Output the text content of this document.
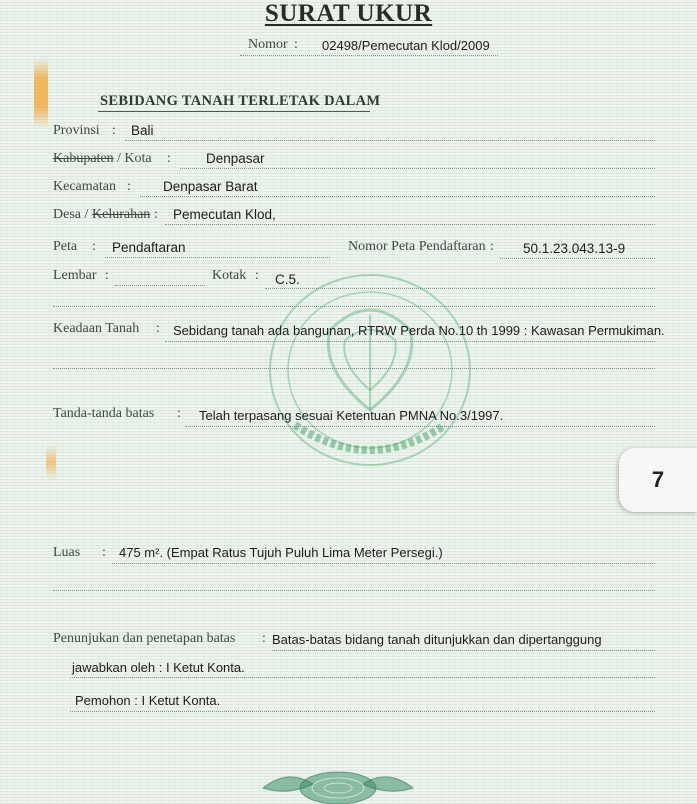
SURAT UKUR
Nomor : 02498/Pemecutan Klod/2009
SEBIDANG TANAH TERLETAK DALAM
Provinsi : Bali
Kabupaten / Kota :	Denpasar
Kecamatan : Denpasar Barat
Desa / Kelurahan : Pemecutan Klod,
Peta : Pendaftaran	Nomor Peta Pendaftaran : 50.1.23.043.13-9
Lembar :	Kotak : C.5.
Keadaan Tanah : Sebidang tanah ada bangunan, RTRW Perda No.10 th 1999 : Kawasan Permukiman.
Tanda-tanda batas : Telah terpasang sesuai Ketentuan PMNA No.3/1997.
Luas : 475 m². (Empat Ratus Tujuh Puluh Lima Meter Persegi.)
Penunjukan dan penetapan batas : Batas-batas bidang tanah ditunjukkan dan dipertanggung
jawabkan oleh : I Ketut Konta.
Pemohon : I Ketut Konta.
7
